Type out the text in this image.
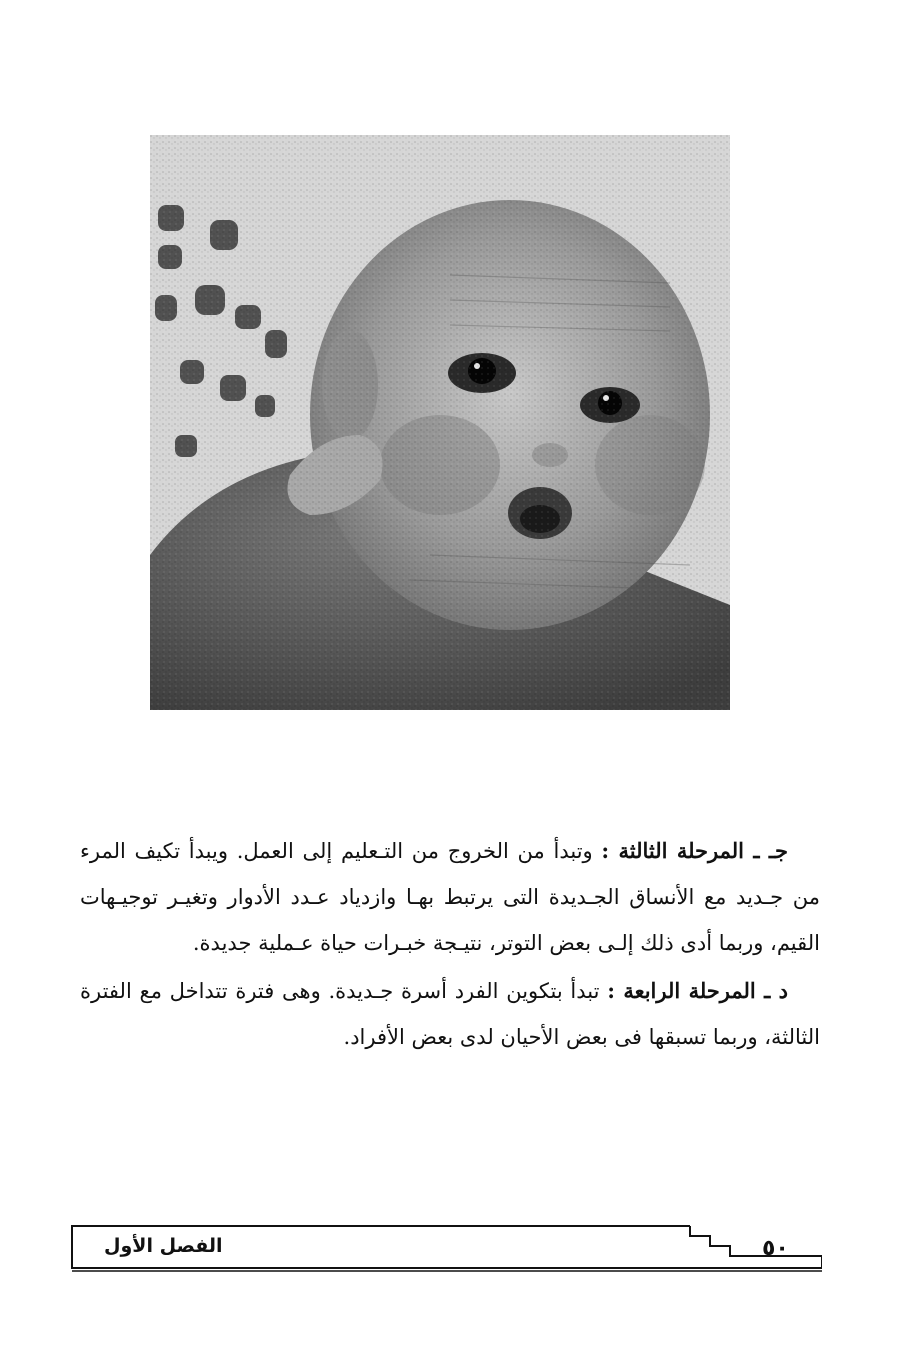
جـ ـ المرحلة الثالثة : وتبدأ من الخروج من التـعليم إلى العمل. ويبدأ تكيف المرء من جـديد مع الأنساق الجـديدة التى يرتبط بهـا وازدياد عـدد الأدوار وتغيـر توجيـهات القيم، وربما أدى ذلك إلـى بعض التوتر، نتيـجة خبـرات حياة عـملية جديدة.

د ـ المرحلة الرابعة : تبدأ بتكوين الفرد أسرة جـديدة. وهى فترة تتداخل مع الفترة الثالثة، وربما تسبقها فى بعض الأحيان لدى بعض الأفراد.

٥٠
الفصل الأول
